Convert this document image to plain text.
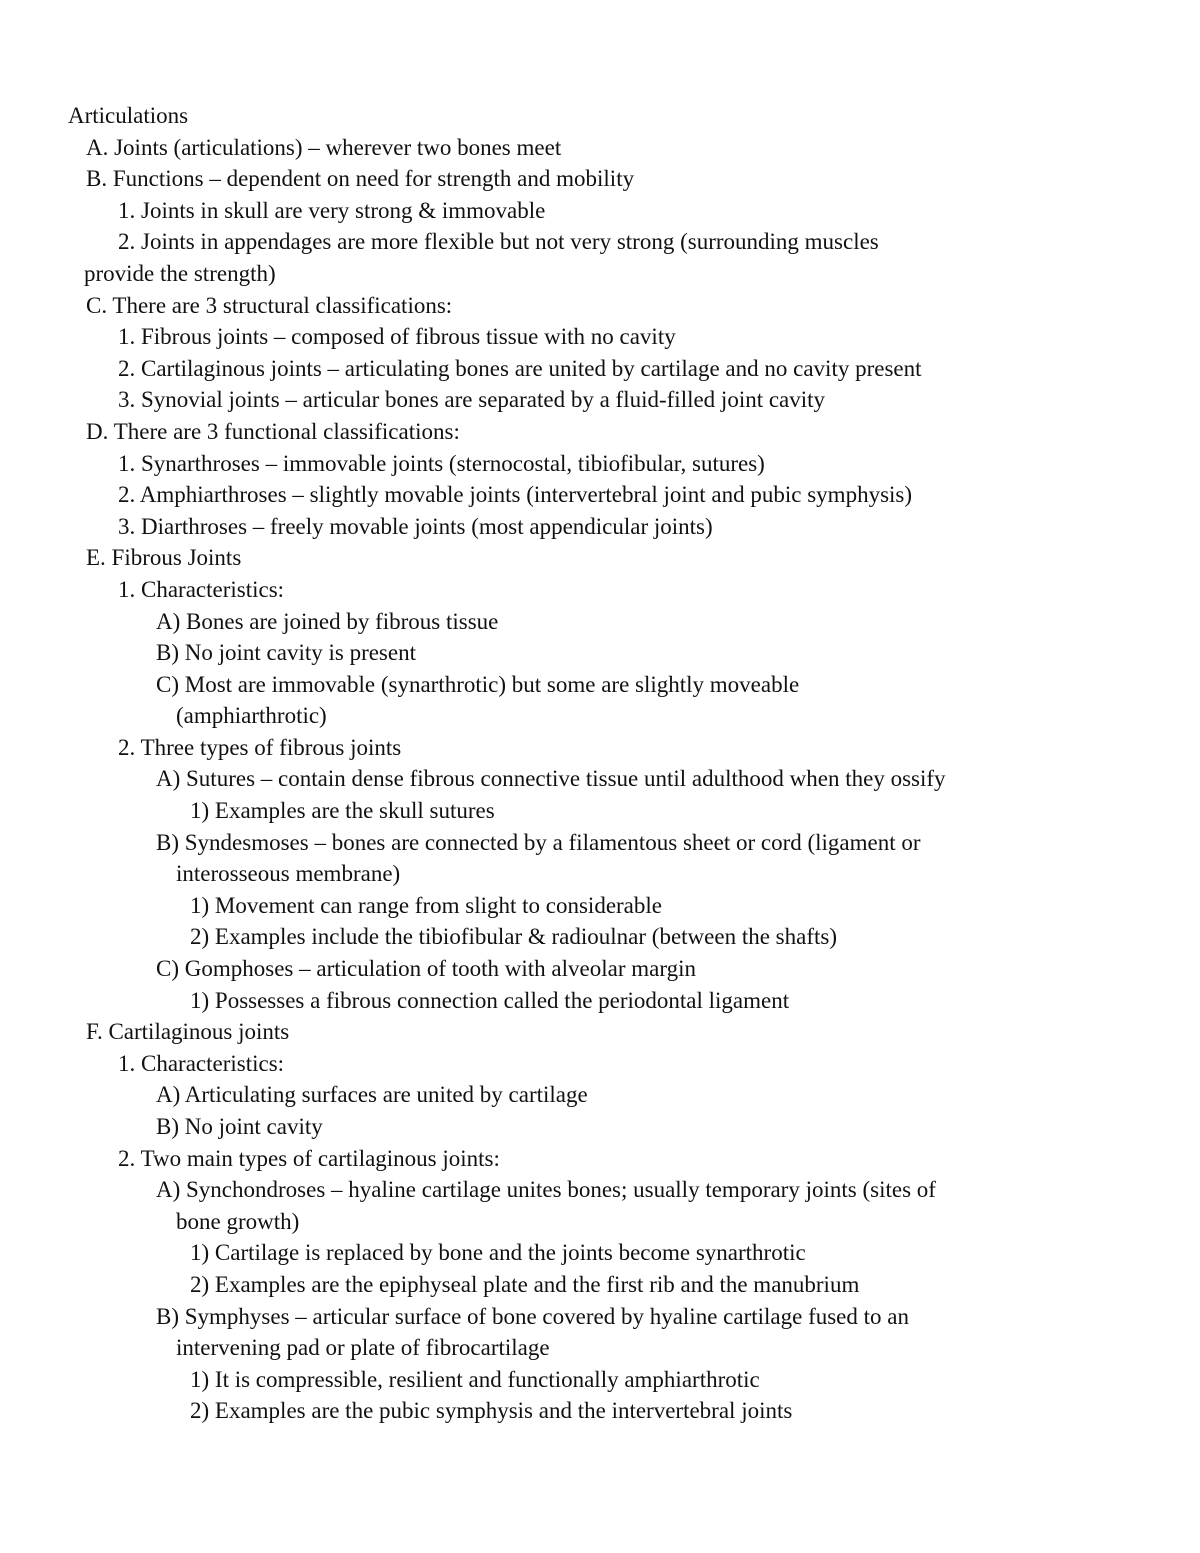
Articulations
A. Joints (articulations) – wherever two bones meet
B. Functions – dependent on need for strength and mobility
1. Joints in skull are very strong & immovable
2. Joints in appendages are more flexible but not very strong (surrounding muscles
provide the strength)
C. There are 3 structural classifications:
1. Fibrous joints – composed of fibrous tissue with no cavity
2. Cartilaginous joints – articulating bones are united by cartilage and no cavity present
3. Synovial joints – articular bones are separated by a fluid-filled joint cavity
D. There are 3 functional classifications:
1. Synarthroses – immovable joints (sternocostal, tibiofibular, sutures)
2. Amphiarthroses – slightly movable joints (intervertebral joint and pubic symphysis)
3. Diarthroses – freely movable joints (most appendicular joints)
E. Fibrous Joints
1. Characteristics:
A) Bones are joined by fibrous tissue
B) No joint cavity is present
C) Most are immovable (synarthrotic) but some are slightly moveable
(amphiarthrotic)
2. Three types of fibrous joints
A) Sutures – contain dense fibrous connective tissue until adulthood when they ossify
1) Examples are the skull sutures
B) Syndesmoses – bones are connected by a filamentous sheet or cord (ligament or
interosseous membrane)
1) Movement can range from slight to considerable
2) Examples include the tibiofibular & radioulnar (between the shafts)
C) Gomphoses – articulation of tooth with alveolar margin
1) Possesses a fibrous connection called the periodontal ligament
F. Cartilaginous joints
1. Characteristics:
A) Articulating surfaces are united by cartilage
B) No joint cavity
2. Two main types of cartilaginous joints:
A) Synchondroses – hyaline cartilage unites bones; usually temporary joints (sites of
bone growth)
1) Cartilage is replaced by bone and the joints become synarthrotic
2) Examples are the epiphyseal plate and the first rib and the manubrium
B) Symphyses – articular surface of bone covered by hyaline cartilage fused to an
intervening pad or plate of fibrocartilage
1) It is compressible, resilient and functionally amphiarthrotic
2) Examples are the pubic symphysis and the intervertebral joints
